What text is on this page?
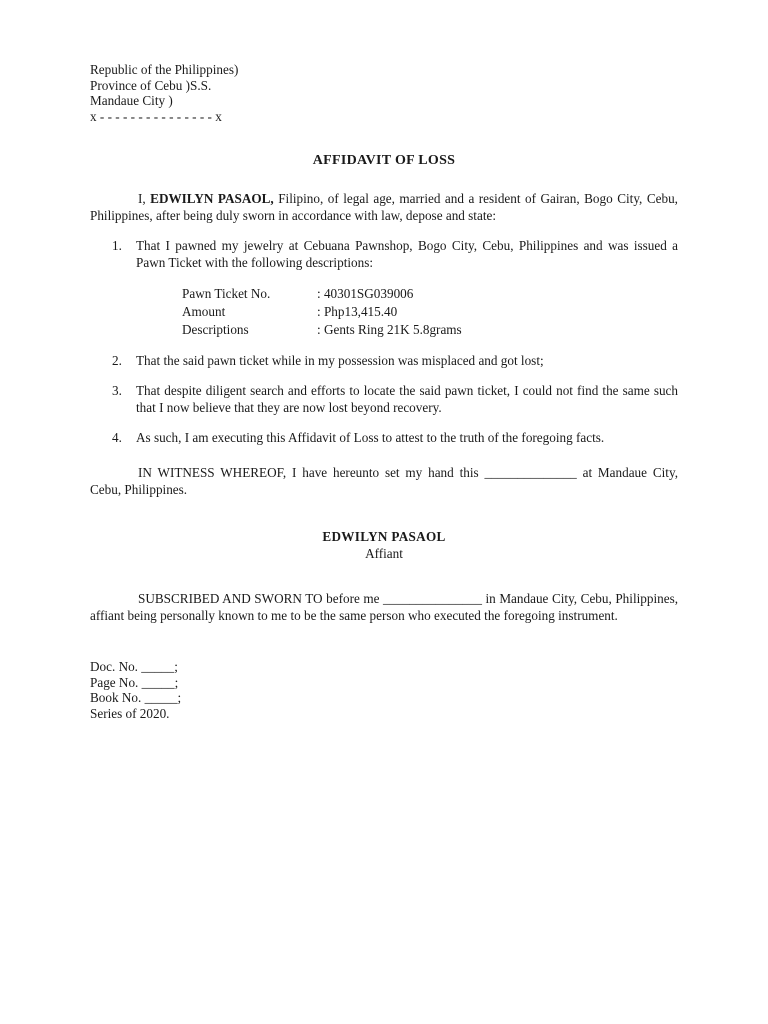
Republic of the Philippines)
Province of Cebu )S.S.
Mandaue City )
x - - - - - - - - - - - - - - - x
AFFIDAVIT OF LOSS

I, EDWILYN PASAOL, Filipino, of legal age, married and a resident of Gairan, Bogo City, Cebu, Philippines, after being duly sworn in accordance with law, depose and state:

1. That I pawned my jewelry at Cebuana Pawnshop, Bogo City, Cebu, Philippines and was issued a Pawn Ticket with the following descriptions:
Pawn Ticket No.	: 40301SG039006
Amount	: Php13,415.40
Descriptions	: Gents Ring 21K 5.8grams
2. That the said pawn ticket while in my possession was misplaced and got lost;
3. That despite diligent search and efforts to locate the said pawn ticket, I could not find the same such that I now believe that they are now lost beyond recovery.
4. As such, I am executing this Affidavit of Loss to attest to the truth of the foregoing facts.

IN WITNESS WHEREOF, I have hereunto set my hand this ______________ at Mandaue City, Cebu, Philippines.

EDWILYN PASAOL
Affiant

SUBSCRIBED AND SWORN TO before me _______________ in Mandaue City, Cebu, Philippines, affiant being personally known to me to be the same person who executed the foregoing instrument.

Doc. No. _____;
Page No. _____;
Book No. _____;
Series of 2020.
